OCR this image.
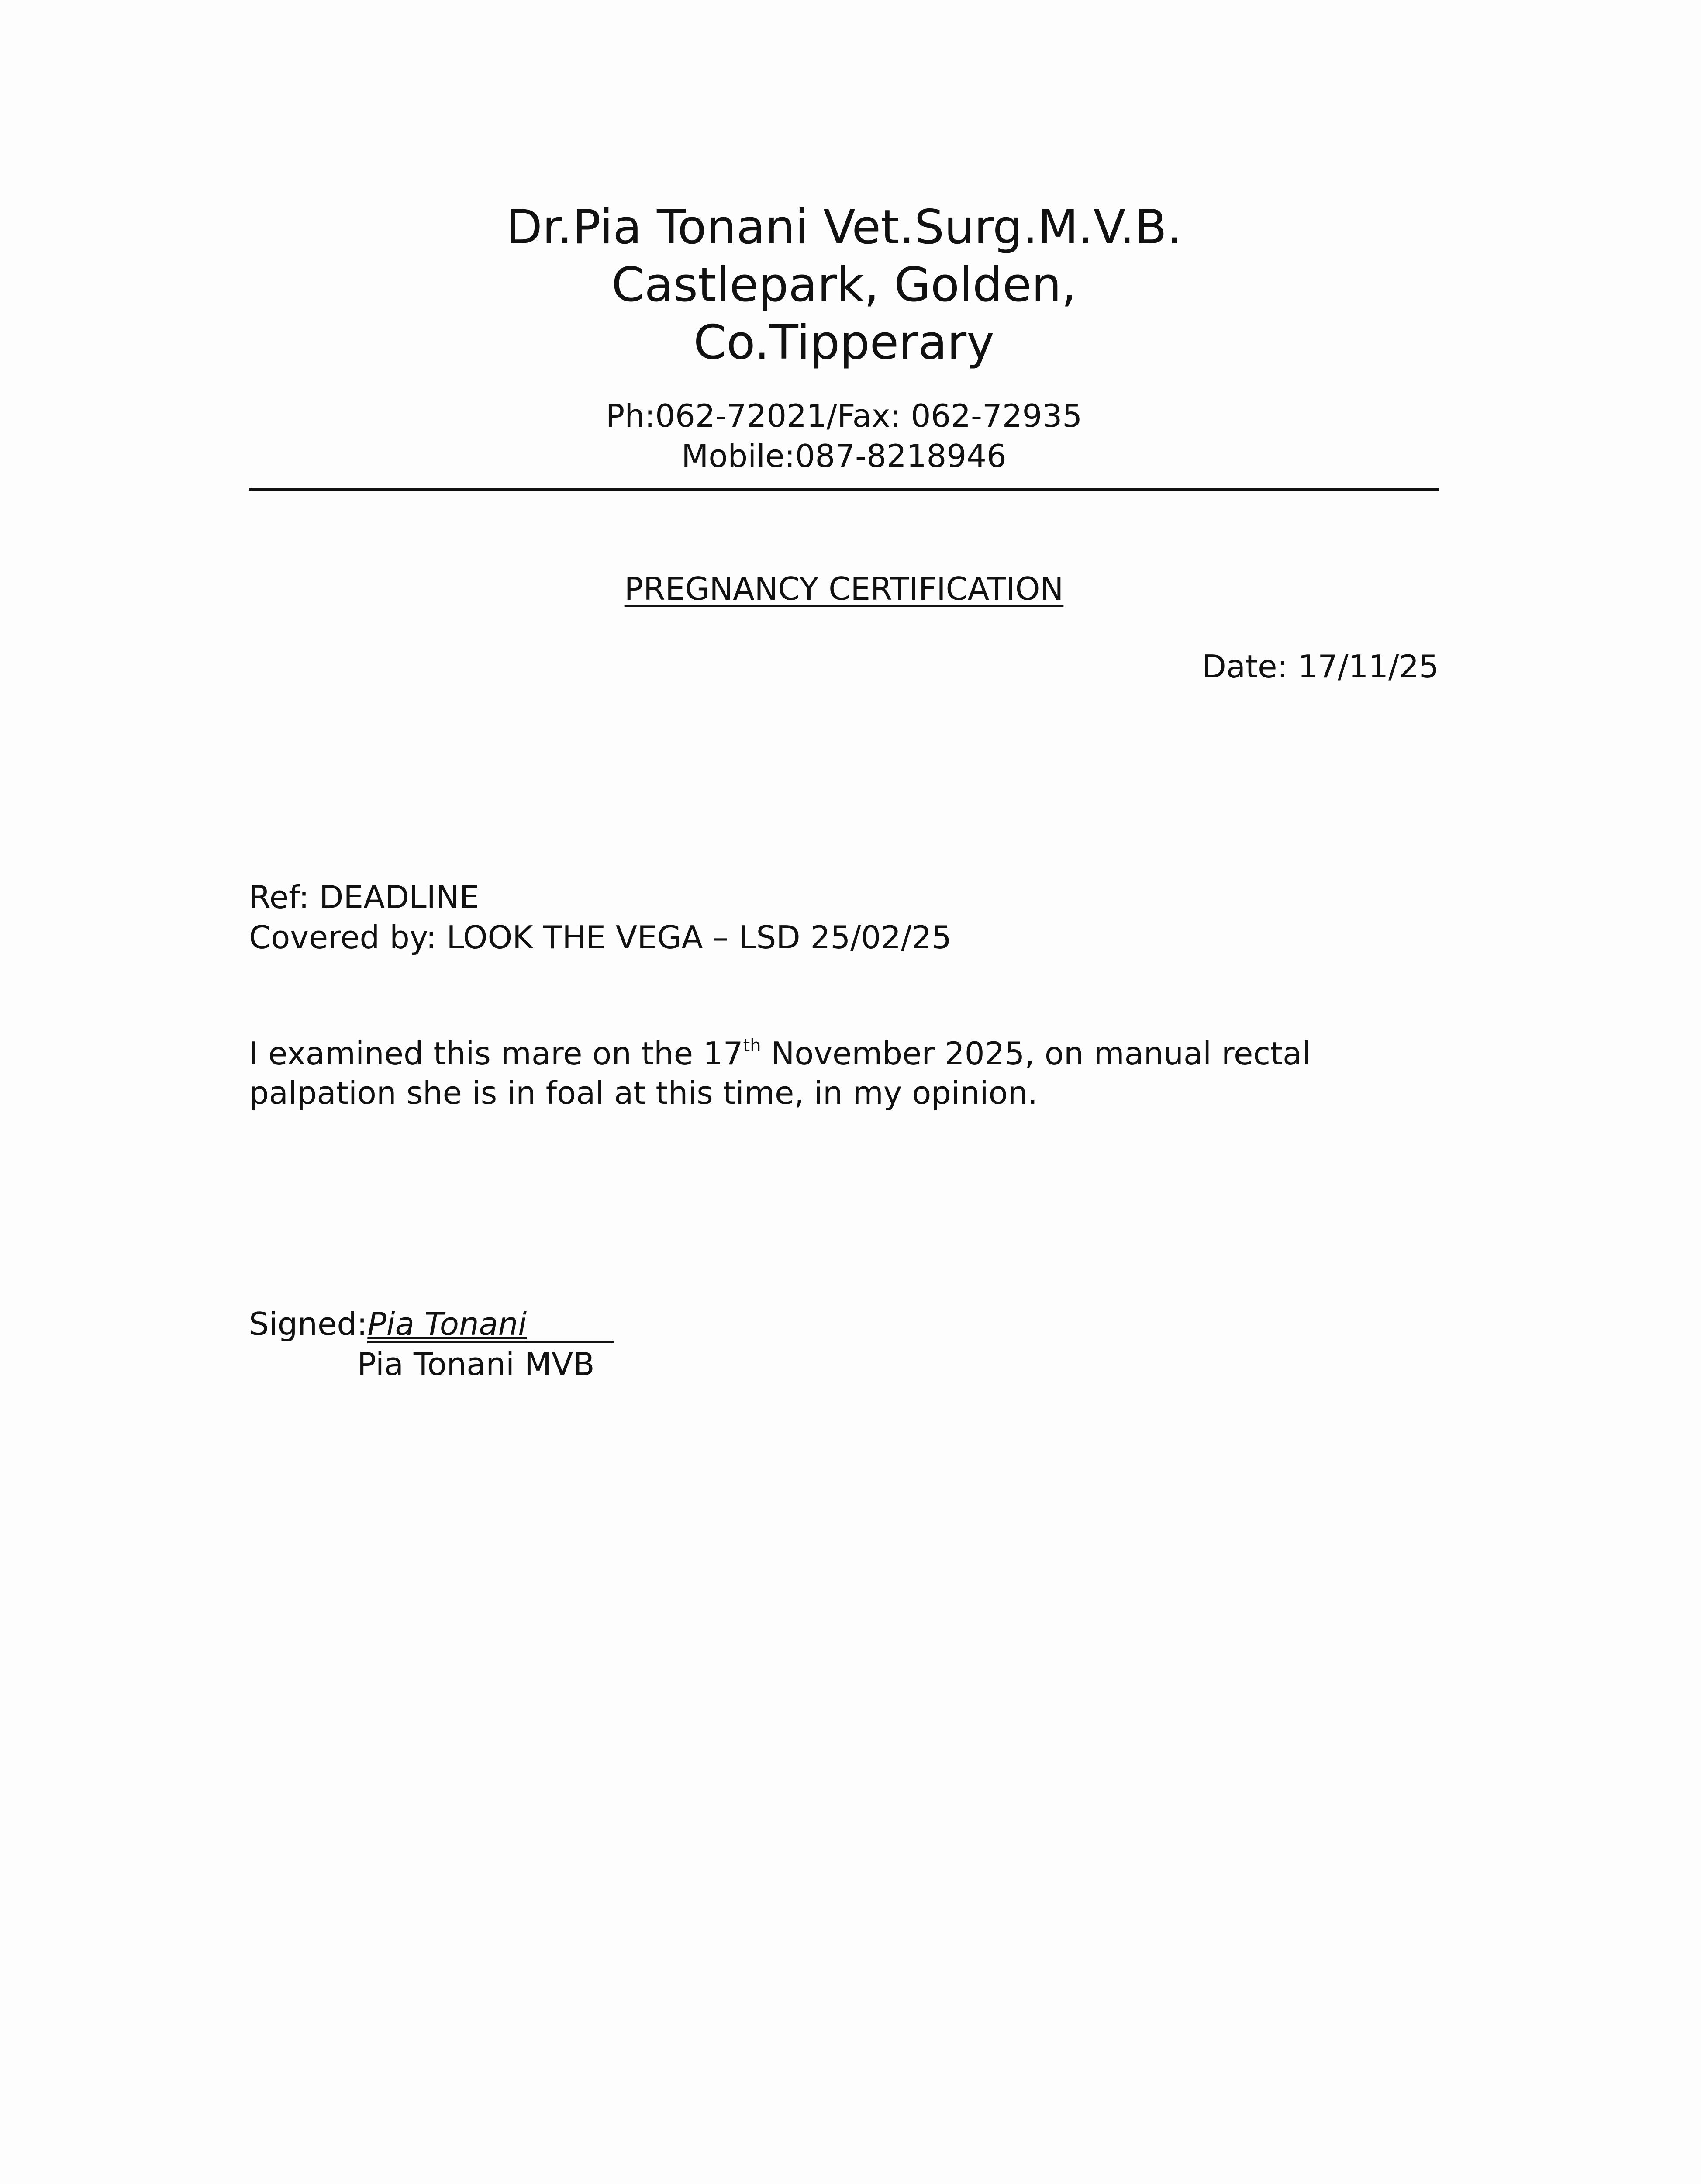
Dr.Pia Tonani Vet.Surg.M.V.B.
Castlepark, Golden,
Co.Tipperary
Ph:062-72021/Fax: 062-72935
Mobile:087-8218946
PREGNANCY CERTIFICATION
Date: 17/11/25
Ref: DEADLINE
Covered by: LOOK THE VEGA – LSD 25/02/25
I examined this mare on the 17th November 2025, on manual rectal palpation she is in foal at this time, in my opinion.
Signed:Pia Tonani
Pia Tonani MVB
